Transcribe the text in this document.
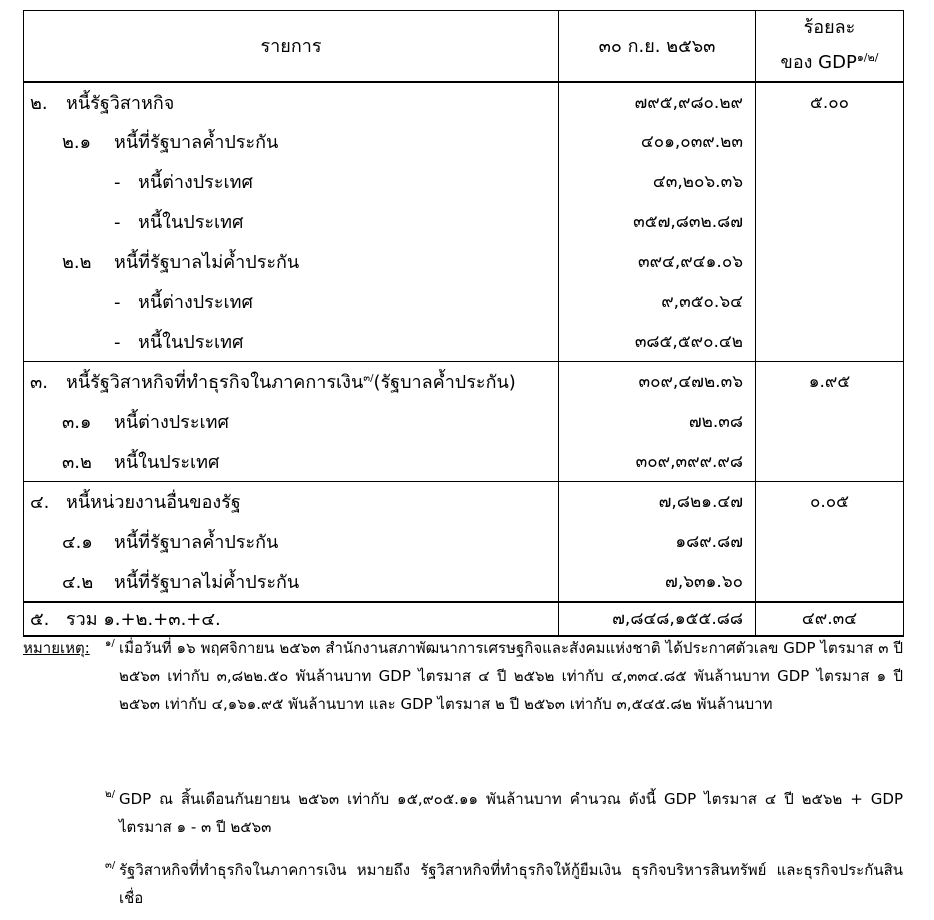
รายการ	๓๐ ก.ย. ๒๕๖๓	ร้อยละ
ของ $GDP^{๑/๒/}$

๒. หนี้รัฐวิสาหกิจ	๗๙๕,๙๘๐.๒๙	๕.๐๐
๒.๑ หนี้ที่รัฐบาลค้ำประกัน	๔๐๑,๐๓๙.๒๓	
- หนี้ต่างประเทศ	๔๓,๒๐๖.๓๖	
- หนี้ในประเทศ	๓๕๗,๘๓๒.๘๗	
๒.๒ หนี้ที่รัฐบาลไม่ค้ำประกัน	๓๙๔,๙๔๑.๐๖	
- หนี้ต่างประเทศ	๙,๓๕๐.๖๔	
- หนี้ในประเทศ	๓๘๕,๕๙๐.๔๒	
๓. หนี้รัฐวิสาหกิจที่ทำธุรกิจในภาคการเงิน$^{๓/}$(รัฐบาลค้ำประกัน)	๓๐๙,๔๗๒.๓๖	๑.๙๕
๓.๑ หนี้ต่างประเทศ	๗๒.๓๘	
๓.๒ หนี้ในประเทศ	๓๐๙,๓๙๙.๙๘	
๔. หนี้หน่วยงานอื่นของรัฐ	๗,๘๒๑.๔๗	๐.๐๕
๔.๑ หนี้ที่รัฐบาลค้ำประกัน	๑๘๙.๘๗	
๔.๒ หนี้ที่รัฐบาลไม่ค้ำประกัน	๗,๖๓๑.๖๐	
๕. รวม ๑.+๒.+๓.+๔.	๗,๘๔๘,๑๕๕.๘๘	๔๙.๓๔
หมายเหตุ: ๑/ เมื่อวันที่ ๑๖ พฤศจิกายน ๒๕๖๓ สำนักงานสภาพัฒนาการเศรษฐกิจและสังคมแห่งชาติ ได้ประกาศตัวเลข GDP ไตรมาส ๓ ปี ๒๕๖๓ เท่ากับ ๓,๘๒๒.๕๐ พันล้านบาท GDP ไตรมาส ๔ ปี ๒๕๖๒ เท่ากับ ๔,๓๓๔.๘๕ พันล้านบาท GDP ไตรมาส ๑ ปี ๒๕๖๓ เท่ากับ ๔,๑๖๑.๙๕ พันล้านบาท และ GDP ไตรมาส ๒ ปี ๒๕๖๓ เท่ากับ ๓,๕๔๕.๘๒ พันล้านบาท
๒/ GDP ณ สิ้นเดือนกันยายน ๒๕๖๓ เท่ากับ ๑๕,๙๐๕.๑๑ พันล้านบาท คำนวณ ดังนี้ GDP ไตรมาส ๔ ปี ๒๕๖๒ + GDP ไตรมาส ๑ - ๓ ปี ๒๕๖๓
๓/ รัฐวิสาหกิจที่ทำธุรกิจในภาคการเงิน หมายถึง รัฐวิสาหกิจที่ทำธุรกิจให้กู้ยืมเงิน ธุรกิจบริหารสินทรัพย์ และธุรกิจประกันสินเชื่อ
